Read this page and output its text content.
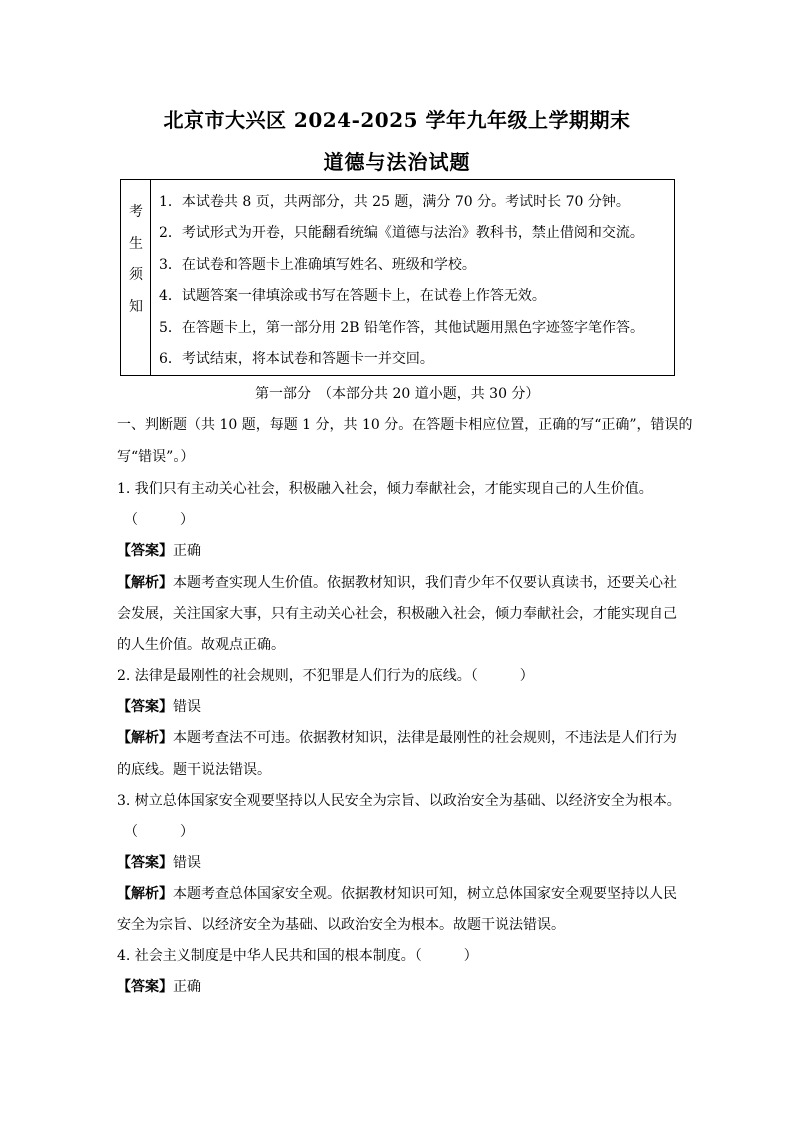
北京市大兴区 2024-2025 学年九年级上学期期末
道德与法治试题
考
生
须
知
1．本试卷共 8 页，共两部分，共 25 题，满分 70 分。考试时长 70 分钟。
2．考试形式为开卷，只能翻看统编《道德与法治》教科书，禁止借阅和交流。
3．在试卷和答题卡上准确填写姓名、班级和学校。
4．试题答案一律填涂或书写在答题卡上，在试卷上作答无效。
5．在答题卡上，第一部分用 2B 铅笔作答，其他试题用黑色字迹签字笔作答。
6．考试结束，将本试卷和答题卡一并交回。
第一部分　（本部分共 20 道小题，共 30 分）
一、判断题（共 10 题，每题 1 分，共 10 分。在答题卡相应位置，正确的写“正确”，错误的
写“错误”。）
1. 我们只有主动关心社会，积极融入社会，倾力奉献社会，才能实现自己的人生价值。
（　　　）
【答案】正确
【解析】本题考查实现人生价值。依据教材知识，我们青少年不仅要认真读书，还要关心社
会发展，关注国家大事，只有主动关心社会，积极融入社会，倾力奉献社会，才能实现自己
的人生价值。故观点正确。
2. 法律是最刚性的社会规则，不犯罪是人们行为的底线。（　　　）
【答案】错误
【解析】本题考查法不可违。依据教材知识，法律是最刚性的社会规则，不违法是人们行为
的底线。题干说法错误。
3. 树立总体国家安全观要坚持以人民安全为宗旨、以政治安全为基础、以经济安全为根本。
（　　　）
【答案】错误
【解析】本题考查总体国家安全观。依据教材知识可知，树立总体国家安全观要坚持以人民
安全为宗旨、以经济安全为基础、以政治安全为根本。故题干说法错误。
4. 社会主义制度是中华人民共和国的根本制度。（　　　）
【答案】正确
